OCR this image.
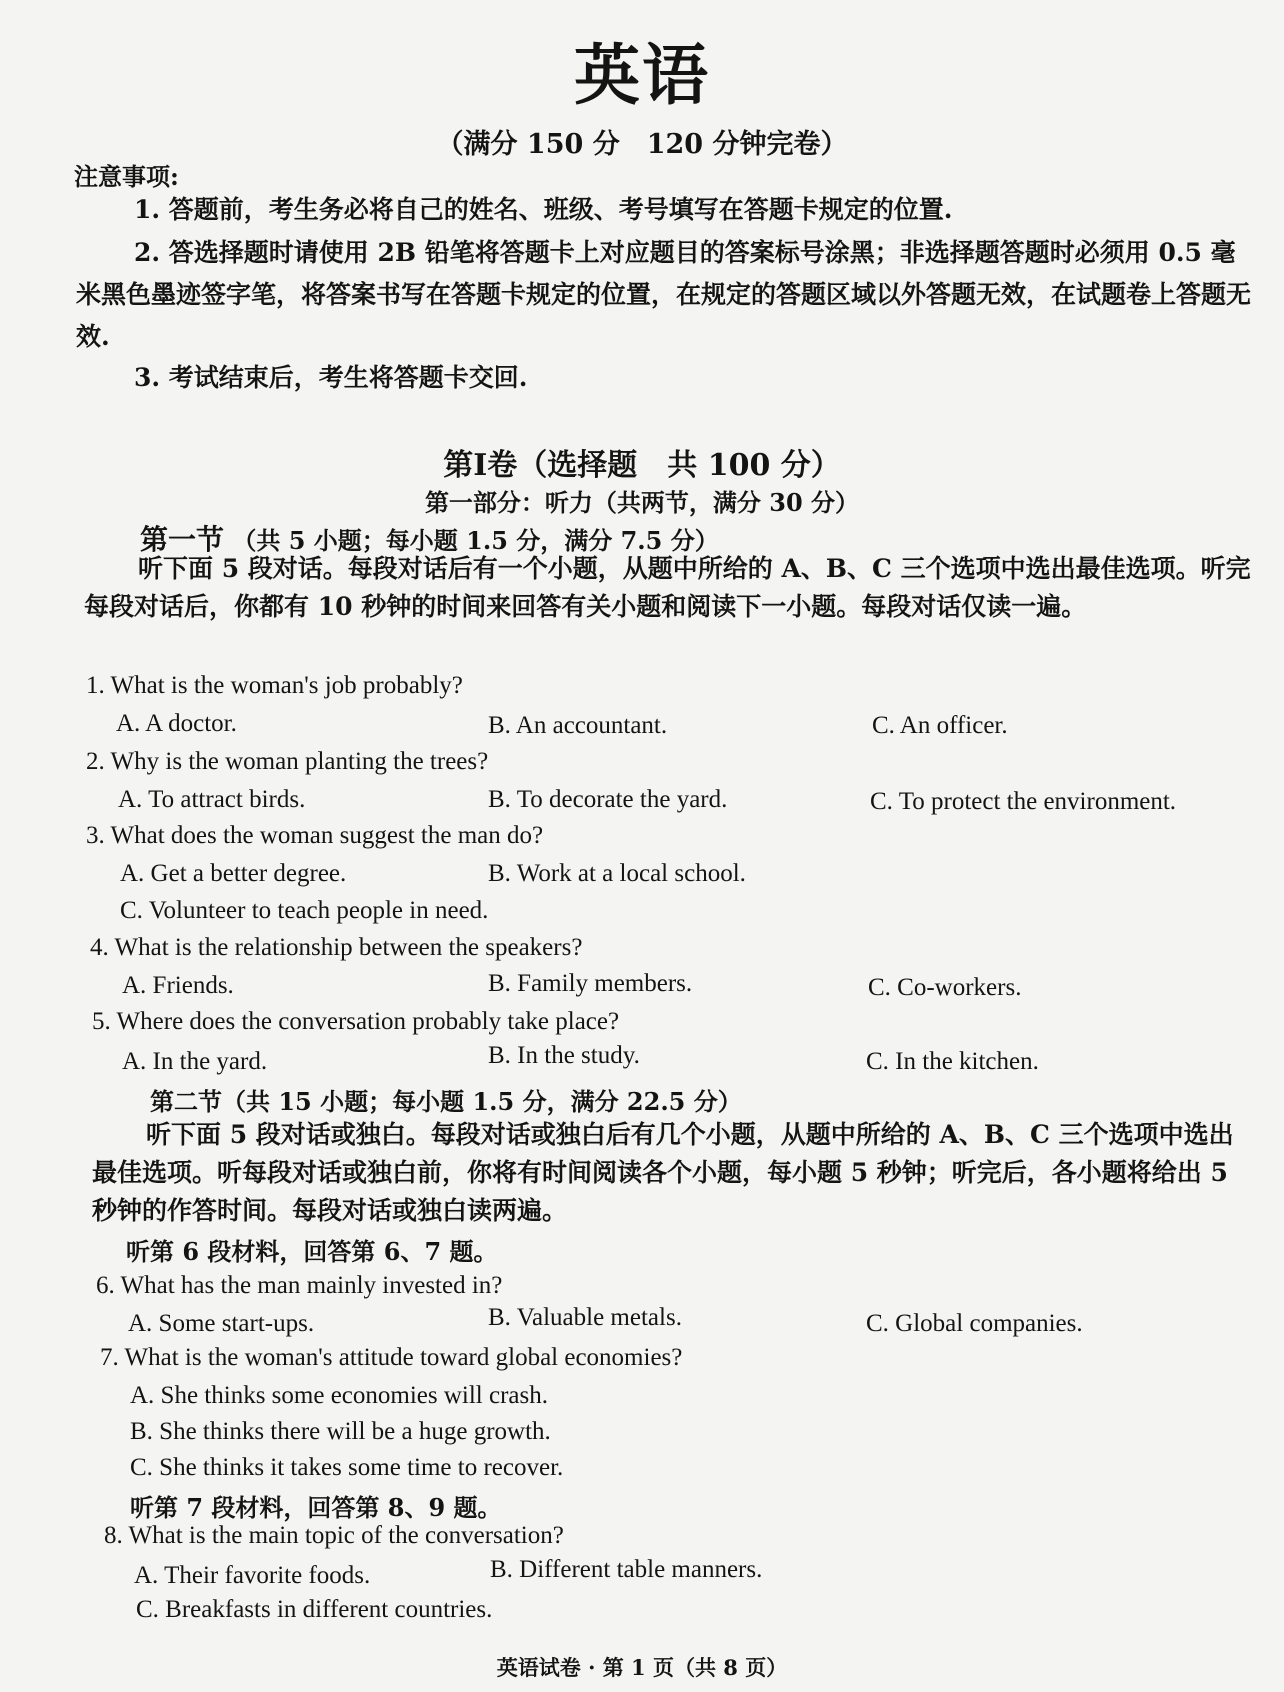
英语
（满分 150 分　120 分钟完卷）
注意事项:
1. 答题前，考生务必将自己的姓名、班级、考号填写在答题卡规定的位置.
2. 答选择题时请使用 2B 铅笔将答题卡上对应题目的答案标号涂黑；非选择题答题时必须用 0.5 毫米黑色墨迹签字笔，将答案书写在答题卡规定的位置，在规定的答题区域以外答题无效，在试题卷上答题无效.
3. 考试结束后，考生将答题卡交回.
第Ⅰ卷（选择题　共 100 分）
第一部分：听力（共两节，满分 30 分）
第一节 （共 5 小题；每小题 1.5 分，满分 7.5 分）
听下面 5 段对话。每段对话后有一个小题，从题中所给的 A、B、C 三个选项中选出最佳选项。听完每段对话后，你都有 10 秒钟的时间来回答有关小题和阅读下一小题。每段对话仅读一遍。
1. What is the woman's job probably?
A. A doctor.	B. An accountant.	C. An officer.
2. Why is the woman planting the trees?
A. To attract birds.	B. To decorate the yard.	C. To protect the environment.
3. What does the woman suggest the man do?
A. Get a better degree.	B. Work at a local school.
C. Volunteer to teach people in need.
4. What is the relationship between the speakers?
A. Friends.	B. Family members.	C. Co-workers.
5. Where does the conversation probably take place?
A. In the yard.	B. In the study.	C. In the kitchen.
第二节（共 15 小题；每小题 1.5 分，满分 22.5 分）
听下面 5 段对话或独白。每段对话或独白后有几个小题，从题中所给的 A、B、C 三个选项中选出最佳选项。听每段对话或独白前，你将有时间阅读各个小题，每小题 5 秒钟；听完后，各小题将给出 5 秒钟的作答时间。每段对话或独白读两遍。
听第 6 段材料，回答第 6、7 题。
6. What has the man mainly invested in?
A. Some start-ups.	B. Valuable metals.	C. Global companies.
7. What is the woman's attitude toward global economies?
A. She thinks some economies will crash.
B. She thinks there will be a huge growth.
C. She thinks it takes some time to recover.
听第 7 段材料，回答第 8、9 题。
8. What is the main topic of the conversation?
A. Their favorite foods.	B. Different table manners.
C. Breakfasts in different countries.
英语试卷 · 第 1 页（共 8 页）
